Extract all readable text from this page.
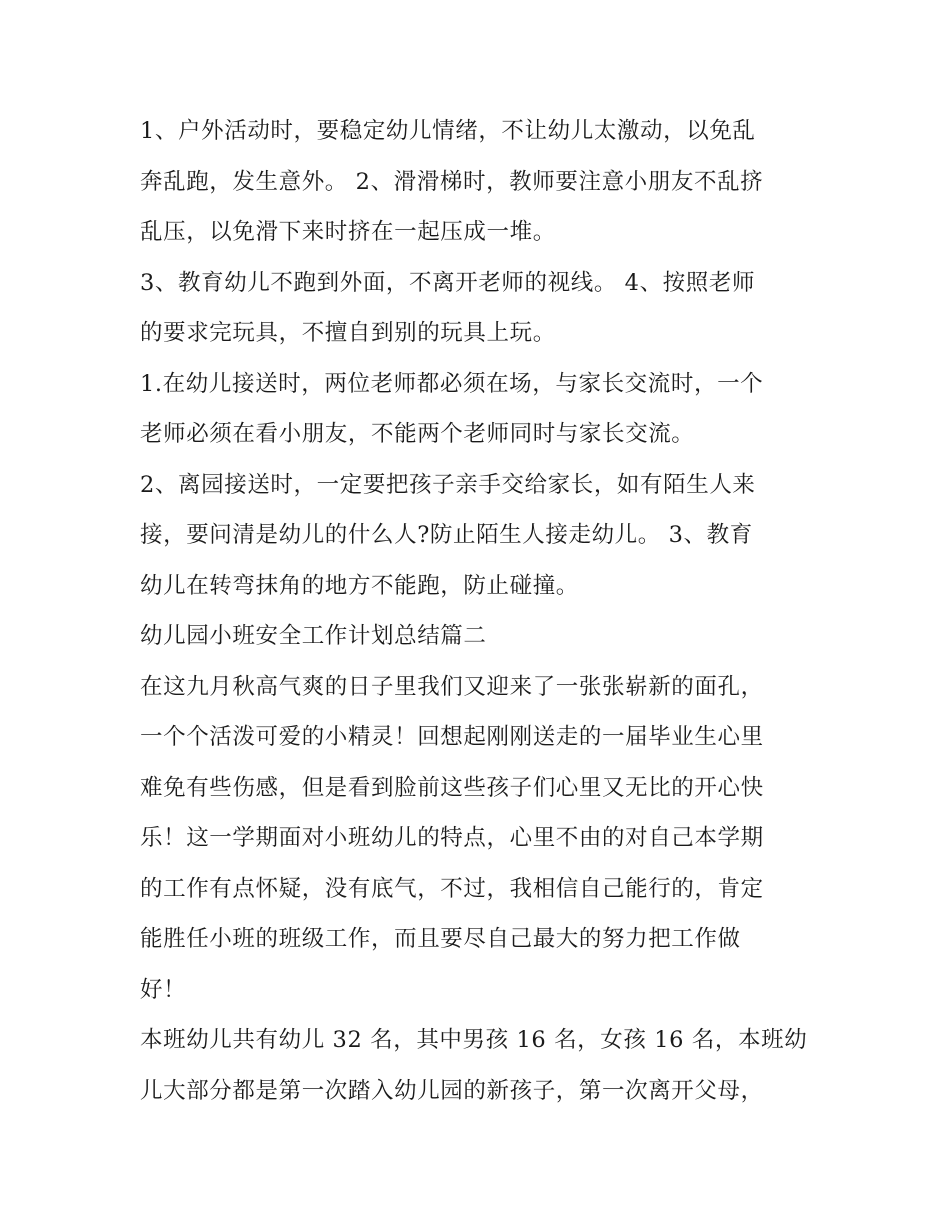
1、户外活动时，要稳定幼儿情绪，不让幼儿太激动，以免乱
奔乱跑，发生意外。 2、滑滑梯时，教师要注意小朋友不乱挤
乱压，以免滑下来时挤在一起压成一堆。

3、教育幼儿不跑到外面，不离开老师的视线。 4、按照老师
的要求完玩具，不擅自到别的玩具上玩。

1.在幼儿接送时，两位老师都必须在场，与家长交流时，一个
老师必须在看小朋友，不能两个老师同时与家长交流。

2、离园接送时，一定要把孩子亲手交给家长，如有陌生人来
接，要问清是幼儿的什么人?防止陌生人接走幼儿。 3、教育
幼儿在转弯抹角的地方不能跑，防止碰撞。

幼儿园小班安全工作计划总结篇二

在这九月秋高气爽的日子里我们又迎来了一张张崭新的面孔，
一个个活泼可爱的小精灵！回想起刚刚送走的一届毕业生心里
难免有些伤感，但是看到脸前这些孩子们心里又无比的开心快
乐！这一学期面对小班幼儿的特点，心里不由的对自己本学期
的工作有点怀疑，没有底气，不过，我相信自己能行的，肯定
能胜任小班的班级工作，而且要尽自己最大的努力把工作做
好！

本班幼儿共有幼儿 32 名，其中男孩 16 名，女孩 16 名，本班幼
儿大部分都是第一次踏入幼儿园的新孩子，第一次离开父母，
